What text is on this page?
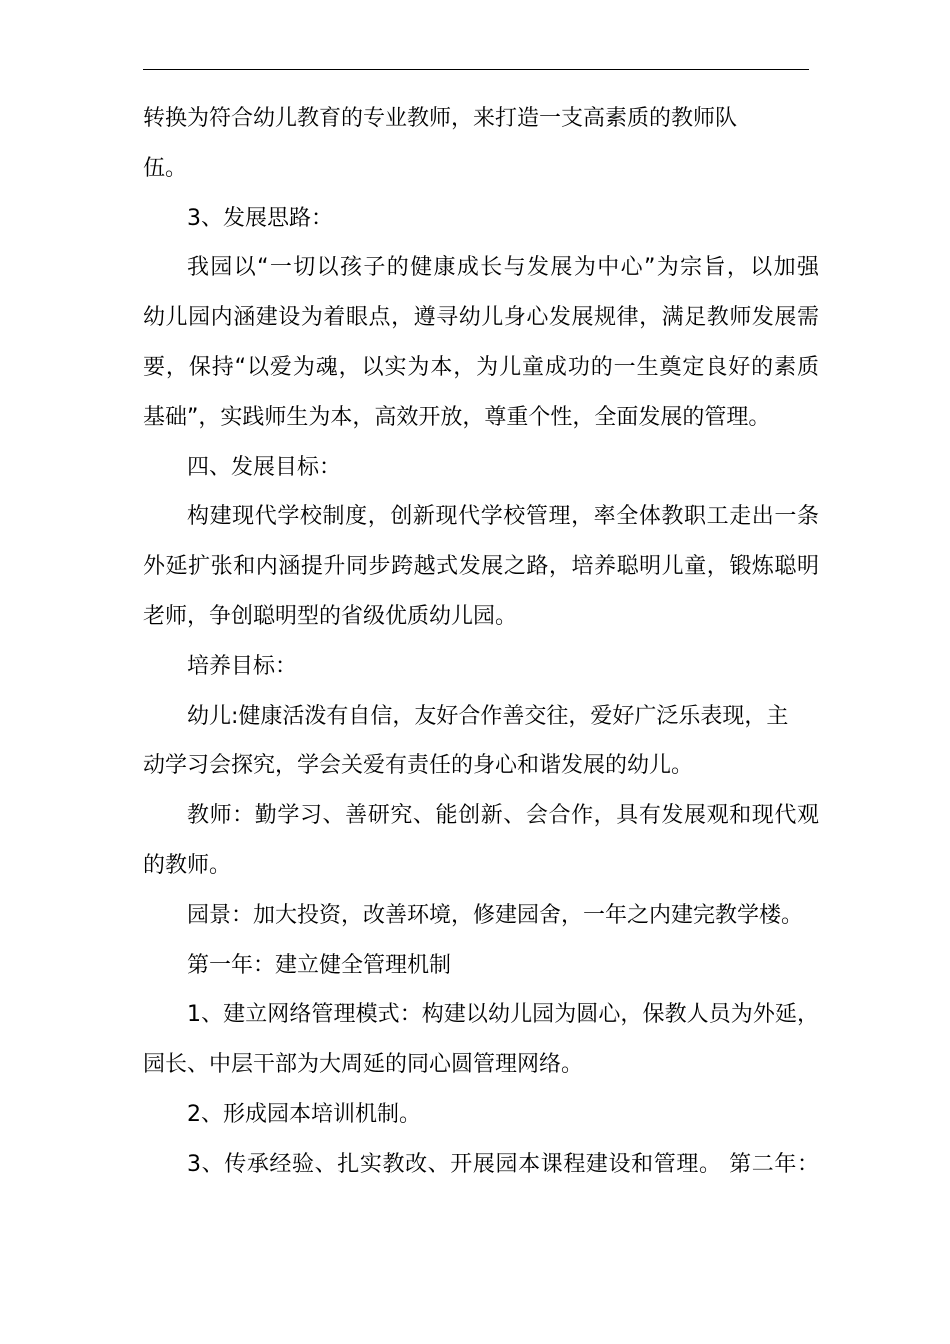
转换为符合幼儿教育的专业教师，来打造一支高素质的教师队
伍。
3、发展思路：
我园以“一切以孩子的健康成长与发展为中心”为宗旨，以加强
幼儿园内涵建设为着眼点，遵寻幼儿身心发展规律，满足教师发展需
要，保持“以爱为魂，以实为本，为儿童成功的一生奠定良好的素质
基础”，实践师生为本，高效开放，尊重个性，全面发展的管理。
四、发展目标：
构建现代学校制度，创新现代学校管理，率全体教职工走出一条
外延扩张和内涵提升同步跨越式发展之路，培养聪明儿童，锻炼聪明
老师，争创聪明型的省级优质幼儿园。
培养目标：
幼儿:健康活泼有自信，友好合作善交往，爱好广泛乐表现，主
动学习会探究，学会关爱有责任的身心和谐发展的幼儿。
教师：勤学习、善研究、能创新、会合作，具有发展观和现代观
的教师。
园景：加大投资，改善环境，修建园舍，一年之内建完教学楼。
第一年：建立健全管理机制
1、建立网络管理模式：构建以幼儿园为圆心，保教人员为外延，
园长、中层干部为大周延的同心圆管理网络。
2、形成园本培训机制。
3、传承经验、扎实教改、开展园本课程建设和管理。 第二年：
